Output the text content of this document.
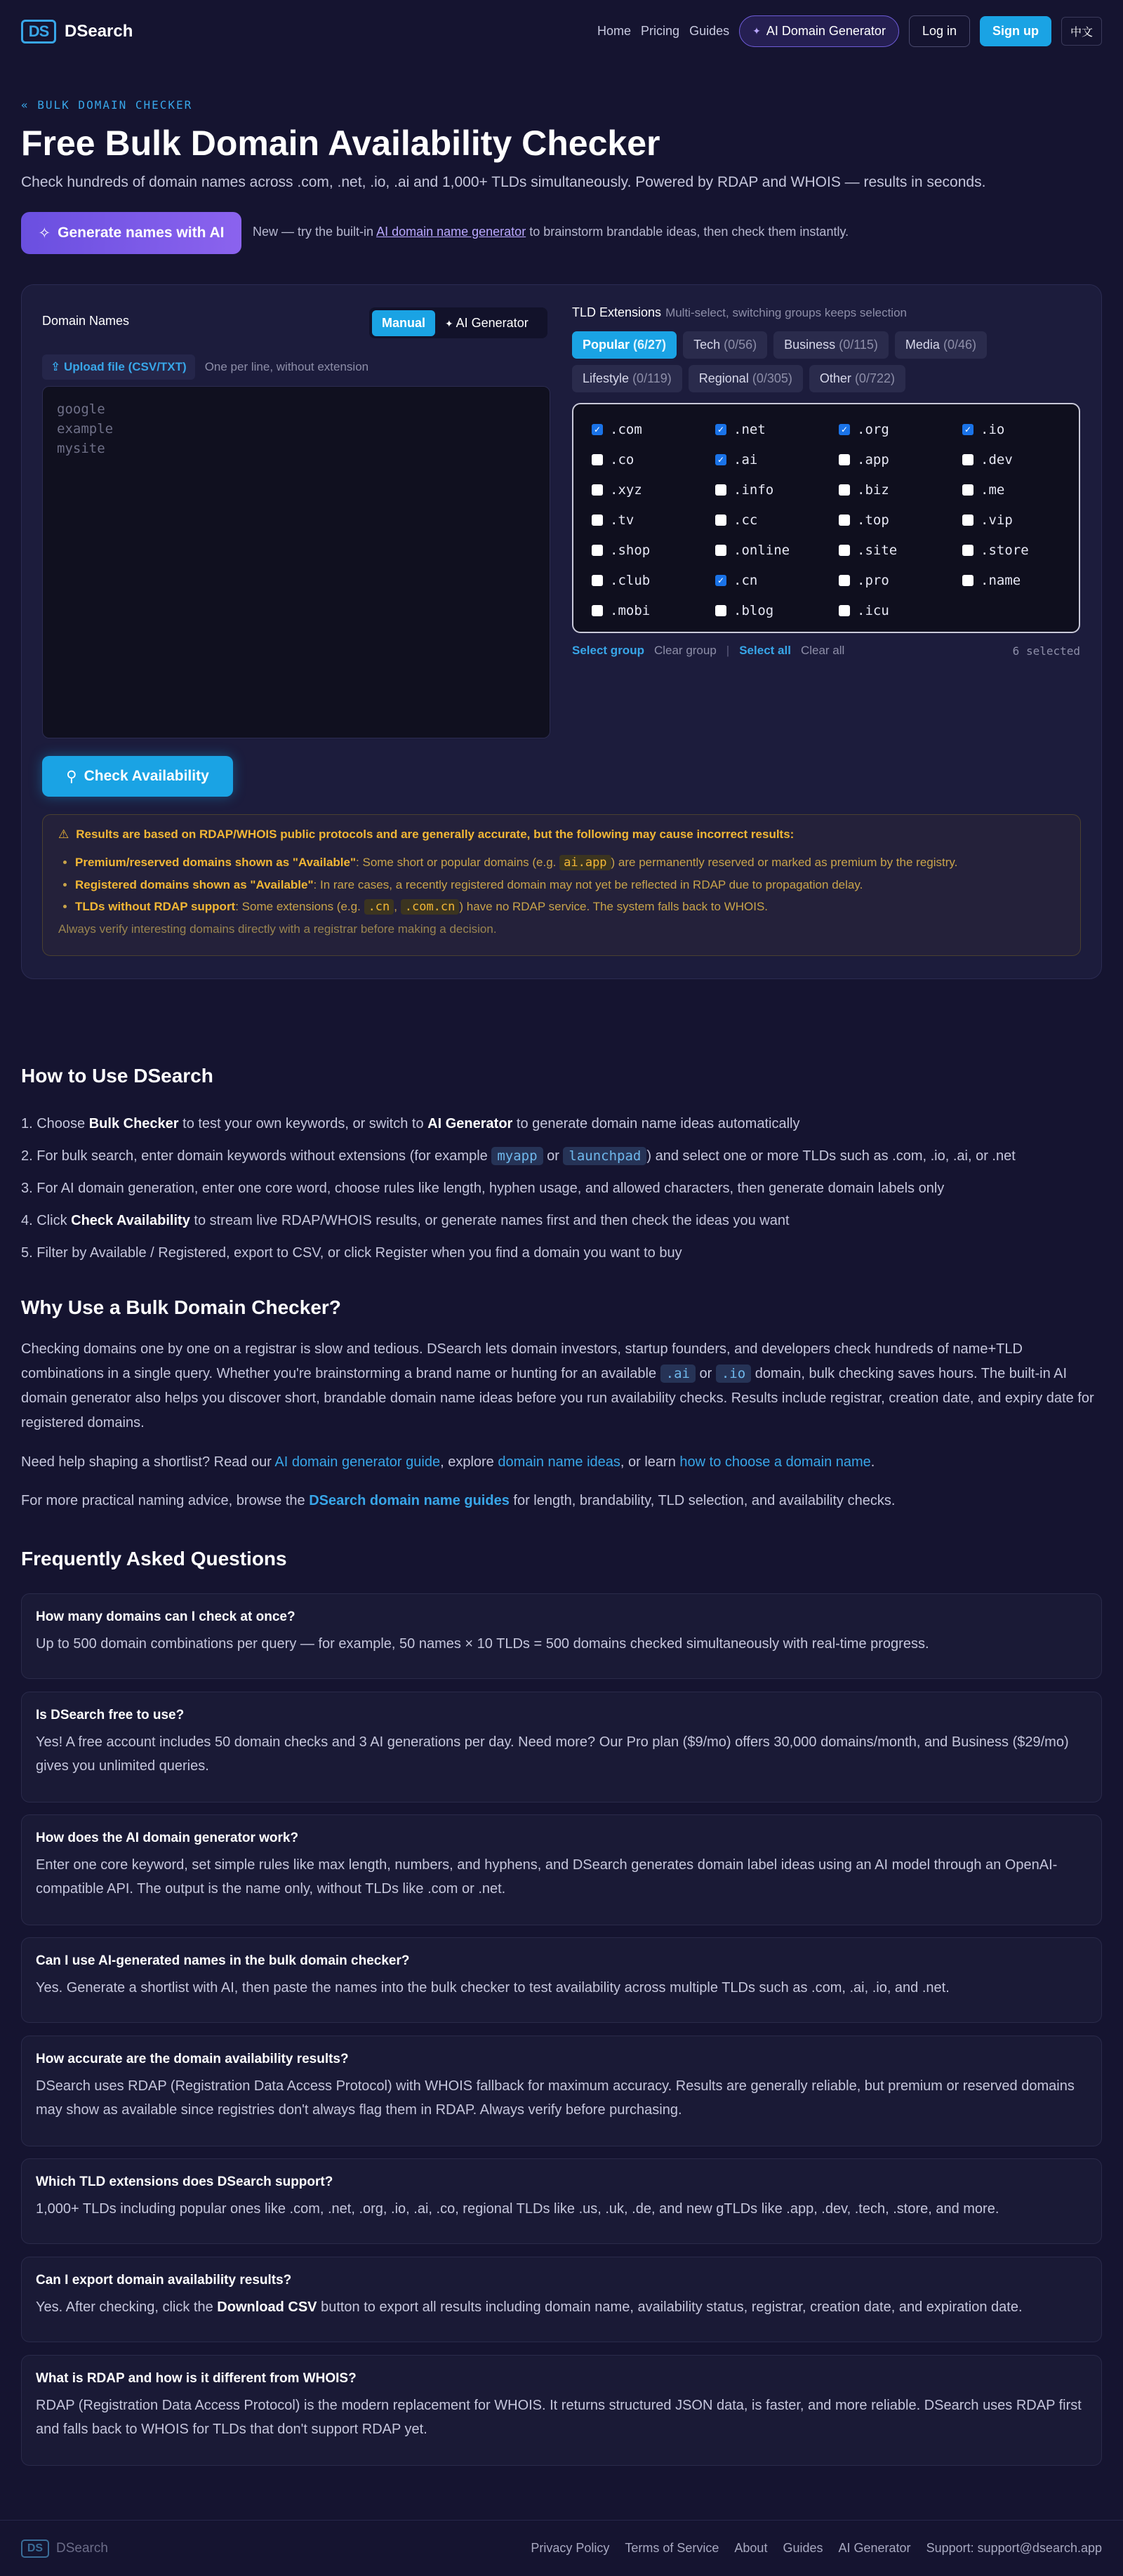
DS DSearch	Home Pricing Guides ✦ AI Domain Generator	Log in	Sign up	中文
« BULK DOMAIN CHECKER
Free Bulk Domain Availability Checker

Check hundreds of domain names across .com, .net, .io, .ai and 1,000+ TLDs simultaneously. Powered by RDAP and WHOIS — results in seconds.

✧ Generate names with AI New — try the built-in AI domain name generator to brainstorm brandable ideas, then check them instantly.
Domain Names	Manual	✦ AI Generator
⇪ Upload file (CSV/TXT)	One per line, without extension
google example mysite
⚲ Check Availability
TLD Extensions Multi-select, switching groups keeps selection
Popular (6/27)	Tech (0/56)	Business (0/115)	Media (0/46)
Lifestyle (0/119)	Regional (0/305)	Other (0/722)
✓ .com	✓ .net	✓ .org	✓ .io
.co	✓ .ai	.app	.dev
.xyz	.info	.biz	.me
.tv	.cc	.top	.vip
.shop	.online	.site	.store
.club	✓ .cn	.pro	.name
.mobi	.blog	.icu
Select group Clear group | Select all Clear all	6 selected
⚠ Results are based on RDAP/WHOIS public protocols and are generally accurate, but the following may cause incorrect results:
• Premium/reserved domains shown as "Available": Some short or popular domains (e.g. ai.app ) are permanently reserved or marked as premium by the registry.
• Registered domains shown as "Available": In rare cases, a recently registered domain may not yet be reflected in RDAP due to propagation delay.
• TLDs without RDAP support: Some extensions (e.g. .cn , .com.cn ) have no RDAP service. The system falls back to WHOIS.
Always verify interesting domains directly with a registrar before making a decision.
How to Use DSearch
1. Choose Bulk Checker to test your own keywords, or switch to AI Generator to generate domain name ideas automatically
2. For bulk search, enter domain keywords without extensions (for example myapp or launchpad ) and select one or more TLDs such as .com, .io, .ai, or .net
3. For AI domain generation, enter one core word, choose rules like length, hyphen usage, and allowed characters, then generate domain labels only
4. Click Check Availability to stream live RDAP/WHOIS results, or generate names first and then check the ideas you want
5. Filter by Available / Registered, export to CSV, or click Register when you find a domain you want to buy
Why Use a Bulk Domain Checker?

Checking domains one by one on a registrar is slow and tedious. DSearch lets domain investors, startup founders, and developers check hundreds of name+TLD combinations in a single query. Whether you're brainstorming a brand name or hunting for an available .ai or .io domain, bulk checking saves hours. The built-in AI domain generator also helps you discover short, brandable domain name ideas before you run availability checks. Results include registrar, creation date, and expiry date for registered domains.

Need help shaping a shortlist? Read our AI domain generator guide, explore domain name ideas, or learn how to choose a domain name.

For more practical naming advice, browse the DSearch domain name guides for length, brandability, TLD selection, and availability checks.

Frequently Asked Questions
How many domains can I check at once?
Up to 500 domain combinations per query — for example, 50 names × 10 TLDs = 500 domains checked simultaneously with real-time progress.
Is DSearch free to use?
Yes! A free account includes 50 domain checks and 3 AI generations per day. Need more? Our Pro plan ($9/mo) offers 30,000 domains/month, and Business ($29/mo) gives you unlimited queries.
How does the AI domain generator work?
Enter one core keyword, set simple rules like max length, numbers, and hyphens, and DSearch generates domain label ideas using an AI model through an OpenAI-compatible API. The output is the name only, without TLDs like .com or .net.
Can I use AI-generated names in the bulk domain checker?
Yes. Generate a shortlist with AI, then paste the names into the bulk checker to test availability across multiple TLDs such as .com, .ai, .io, and .net.
How accurate are the domain availability results?
DSearch uses RDAP (Registration Data Access Protocol) with WHOIS fallback for maximum accuracy. Results are generally reliable, but premium or reserved domains may show as available since registries don't always flag them in RDAP. Always verify before purchasing.
Which TLD extensions does DSearch support?
1,000+ TLDs including popular ones like .com, .net, .org, .io, .ai, .co, regional TLDs like .us, .uk, .de, and new gTLDs like .app, .dev, .tech, .store, and more.
Can I export domain availability results?
Yes. After checking, click the Download CSV button to export all results including domain name, availability status, registrar, creation date, and expiration date.
What is RDAP and how is it different from WHOIS?
RDAP (Registration Data Access Protocol) is the modern replacement for WHOIS. It returns structured JSON data, is faster, and more reliable. DSearch uses RDAP first and falls back to WHOIS for TLDs that don't support RDAP yet.
DS DSearch	Privacy Policy Terms of Service About Guides AI Generator Support: support@dsearch.app
